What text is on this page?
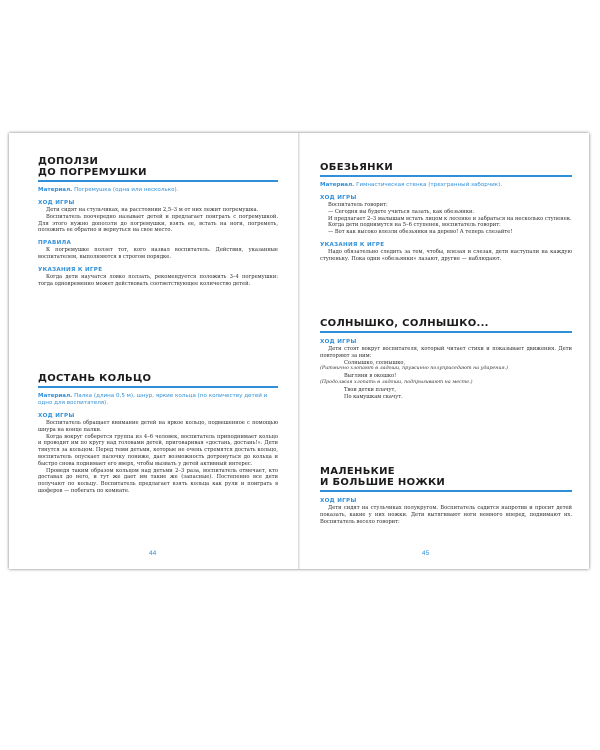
ДОПОЛЗИ
ДО ПОГРЕМУШКИ
Материал. Погремушка (одна или несколько).
ХОД ИГРЫ

Дети сидят на стульчиках, на расстоянии 2,5–3 м от них лежит погремушка.

Воспитатель поочередно называет детей и предлагает поиграть с погремушкой. Для этого нужно доползти до погремушки, взять ее, встать на ноги, погреметь, положить ее обратно и вернуться на свое место.

ПРАВИЛА

К погремушке ползет тот, кого назвал воспитатель. Действия, указанные воспитателем, выполняются в строгом порядке.

УКАЗАНИЯ К ИГРЕ

Когда дети научатся ловко ползать, рекомендуется положить 3–4 погремушки: тогда одновременно может действовать соответствующее количество детей.

ДОСТАНЬ КОЛЬЦО
Материал. Палка (длина 0,5 м), шнур, яркие кольца (по количеству детей и одно для воспитателя).
ХОД ИГРЫ

Воспитатель обращает внимание детей на яркое кольцо, подвешенное с помощью шнура на конце палки.

Когда вокруг соберется группа из 4–6 человек, воспитатель приподнимает кольцо и проводит им по кругу над головами детей, приговаривая «достань, достань!». Дети тянутся за кольцом. Перед теми детьми, которые не очень стремятся достать кольцо, воспитатель опускает палочку пониже, дает возможность дотронуться до кольца и быстро снова поднимает его вверх, чтобы вызвать у детей активный интерес.

Проведя таким образом кольцом над детьми 2–3 раза, воспитатель отмечает, кто доставал до него, и тут же дает им такие же (запасные). Постепенно все дети получают по кольцу. Воспитатель предлагает взять кольца как рули и поиграть в шоферов — побегать по комнате.

44
ОБЕЗЬЯНКИ
Материал. Гимнастическая стенка (трехгранный заборчик).
ХОД ИГРЫ

Воспитатель говорит:

— Сегодня вы будете учиться лазать, как обезьянки.

И предлагает 2–3 малышам встать лицом к лесенке и забраться на несколько ступенек.

Когда дети поднимутся на 5–6 ступенек, воспитатель говорит:

— Вот как высоко влезли обезьянки на дерево! А теперь слезайте!

УКАЗАНИЯ К ИГРЕ

Надо обязательно следить за тем, чтобы, влезая и слезая, дети наступали на каждую ступеньку. Пока одни «обезьянки» лазают, другие — наблюдают.

СОЛНЫШКО, СОЛНЫШКО...
ХОД ИГРЫ

Дети стоят вокруг воспитателя, который читает стихи и показывает движения. Дети повторяют за ним:

Солнышко, солнышко,
(Ритмично хлопают в ладоши, пружинно полуприседают на ударения.)
Выгляни в окошко!
(Продолжая хлопать в ладоши, подпрыгивают на месте.)
Твои детки плачут,
По камушкам скачут.
МАЛЕНЬКИЕ
И БОЛЬШИЕ НОЖКИ
ХОД ИГРЫ

Дети сидят на стульчиках полукругом. Воспитатель садится напротив и просит детей показать, какие у них ножки. Дети вытягивают ноги немного вперед, поднимают их. Воспитатель весело говорит:

45
